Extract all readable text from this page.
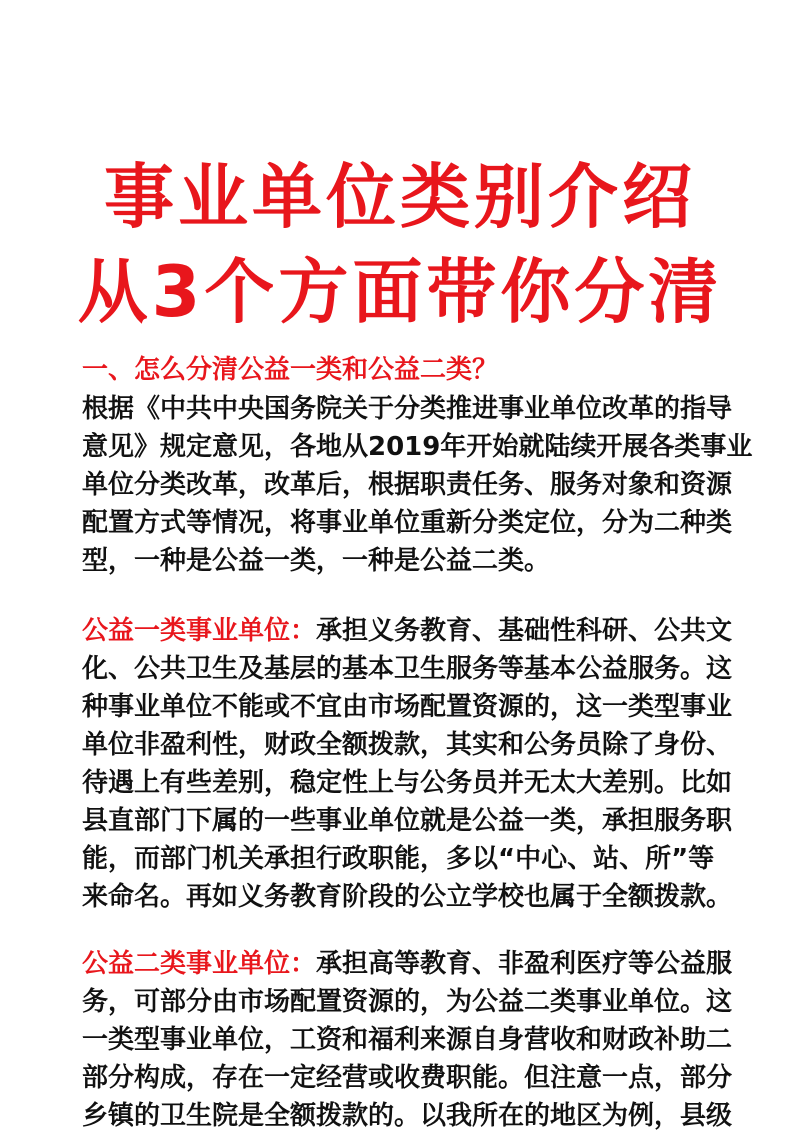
事业单位类别介绍
从3个方面带你分清
一、怎么分清公益一类和公益二类？
根据《中共中央国务院关于分类推进事业单位改革的指导
意见》规定意见，各地从2019年开始就陆续开展各类事业
单位分类改革，改革后，根据职责任务、服务对象和资源
配置方式等情况，将事业单位重新分类定位，分为二种类
型，一种是公益一类，一种是公益二类。
公益一类事业单位：承担义务教育、基础性科研、公共文
化、公共卫生及基层的基本卫生服务等基本公益服务。这
种事业单位不能或不宜由市场配置资源的，这一类型事业
单位非盈利性，财政全额拨款，其实和公务员除了身份、
待遇上有些差别，稳定性上与公务员并无太大差别。比如
县直部门下属的一些事业单位就是公益一类，承担服务职
能，而部门机关承担行政职能，多以“中心、站、所”等
来命名。再如义务教育阶段的公立学校也属于全额拨款。
公益二类事业单位：承担高等教育、非盈利医疗等公益服
务，可部分由市场配置资源的，为公益二类事业单位。这
一类型事业单位，工资和福利来源自身营收和财政补助二
部分构成，存在一定经营或收费职能。但注意一点，部分
乡镇的卫生院是全额拨款的。以我所在的地区为例，县级
